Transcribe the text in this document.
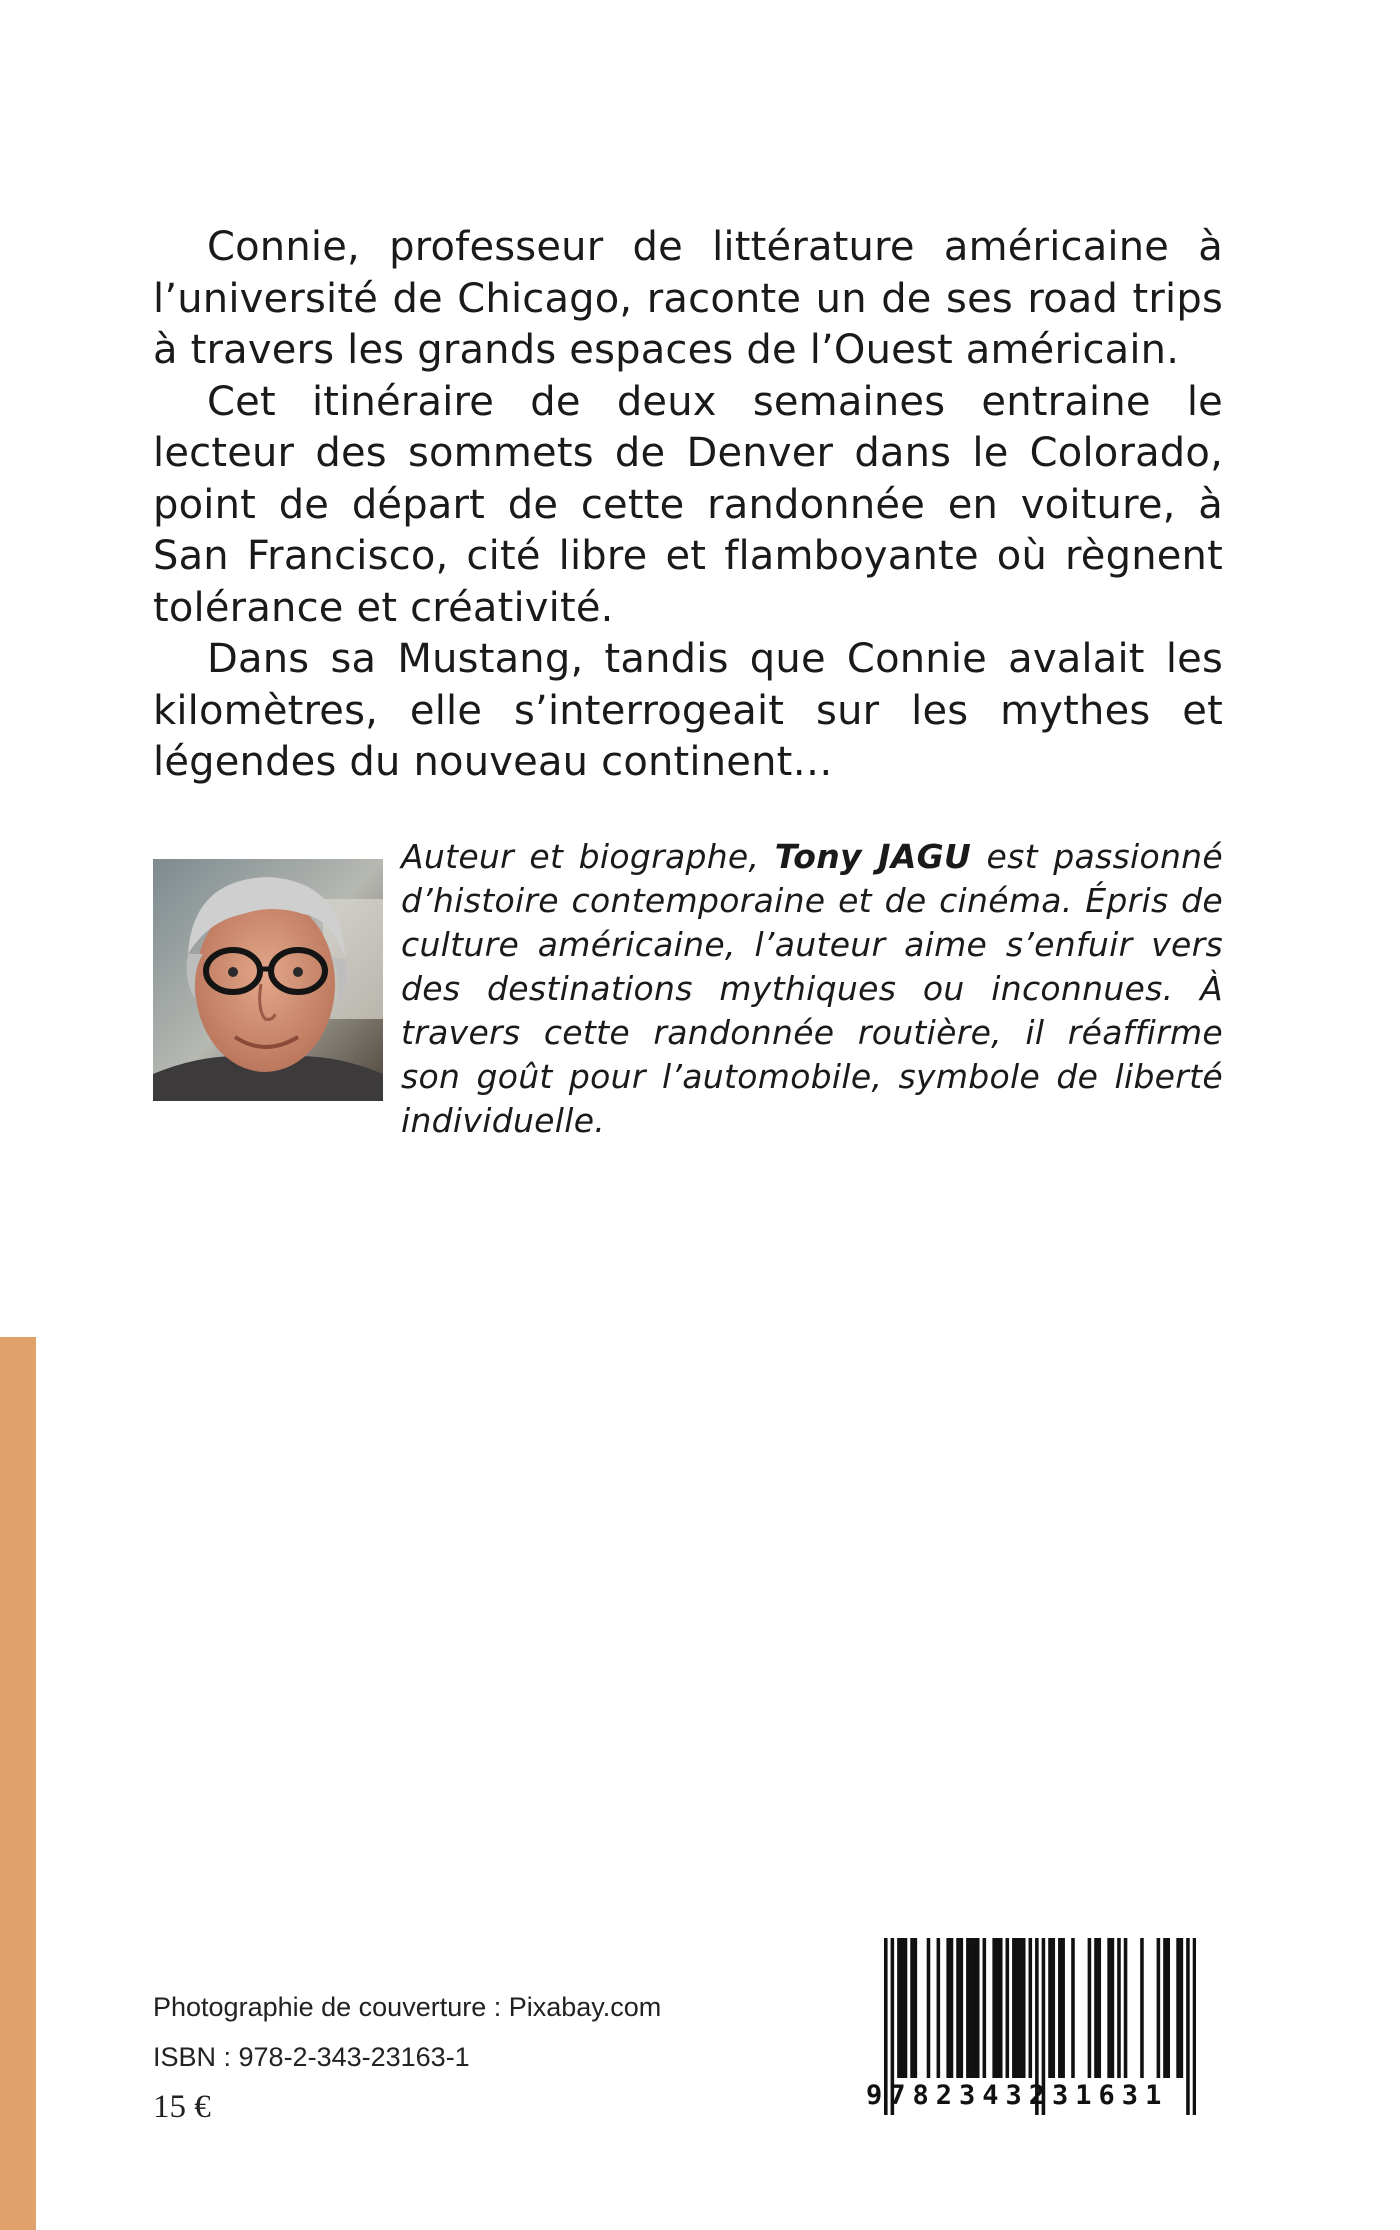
Connie, professeur de littérature américaine à l’université de Chicago, raconte un de ses road trips à travers les grands espaces de l’Ouest américain.

Cet itinéraire de deux semaines entraine le lecteur des sommets de Denver dans le Colorado, point de départ de cette randonnée en voiture, à San Francisco, cité libre et flamboyante où règnent tolérance et créativité.

Dans sa Mustang, tandis que Connie avalait les kilomètres, elle s’interrogeait sur les mythes et légendes du nouveau continent…

Auteur et biographe, Tony JAGU est passionné d’histoire contemporaine et de cinéma. Épris de culture américaine, l’auteur aime s’enfuir vers des destinations mythiques ou inconnues. À travers cette randonnée routière, il réaffirme son goût pour l’automobile, symbole de liberté individuelle.

Photographie de couverture : Pixabay.com
ISBN : 978-2-343-23163-1
15 €	9782343231631
